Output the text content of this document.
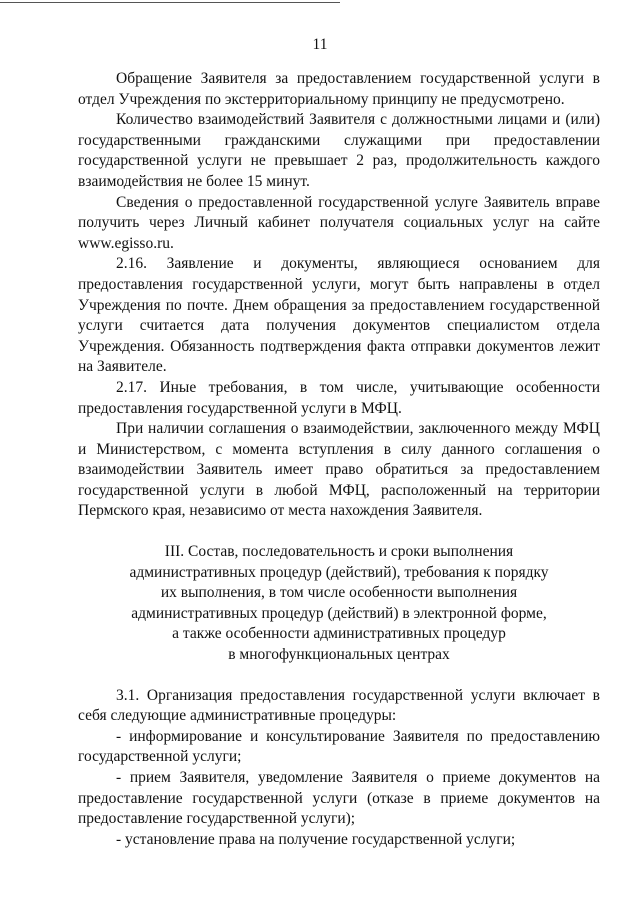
11

Обращение Заявителя за предоставлением государственной услуги в отдел Учреждения по экстерриториальному принципу не предусмотрено.

Количество взаимодействий Заявителя с должностными лицами и (или) государственными гражданскими служащими при предоставлении государственной услуги не превышает 2 раз, продолжительность каждого взаимодействия не более 15 минут.

Сведения о предоставленной государственной услуге Заявитель вправе получить через Личный кабинет получателя социальных услуг на сайте www.egisso.ru.

2.16. Заявление и документы, являющиеся основанием для предоставления государственной услуги, могут быть направлены в отдел Учреждения по почте. Днем обращения за предоставлением государственной услуги считается дата получения документов специалистом отдела Учреждения. Обязанность подтверждения факта отправки документов лежит на Заявителе.

2.17. Иные требования, в том числе, учитывающие особенности предоставления государственной услуги в МФЦ.

При наличии соглашения о взаимодействии, заключенного между МФЦ и Министерством, с момента вступления в силу данного соглашения о взаимодействии Заявитель имеет право обратиться за предоставлением государственной услуги в любой МФЦ, расположенный на территории Пермского края, независимо от места нахождения Заявителя.

III. Состав, последовательность и сроки выполнения
административных процедур (действий), требования к порядку
их выполнения, в том числе особенности выполнения
административных процедур (действий) в электронной форме,
а также особенности административных процедур
в многофункциональных центрах

3.1. Организация предоставления государственной услуги включает в себя следующие административные процедуры:

- информирование и консультирование Заявителя по предоставлению государственной услуги;

- прием Заявителя, уведомление Заявителя о приеме документов на предоставление государственной услуги (отказе в приеме документов на предоставление государственной услуги);

- установление права на получение государственной услуги;
